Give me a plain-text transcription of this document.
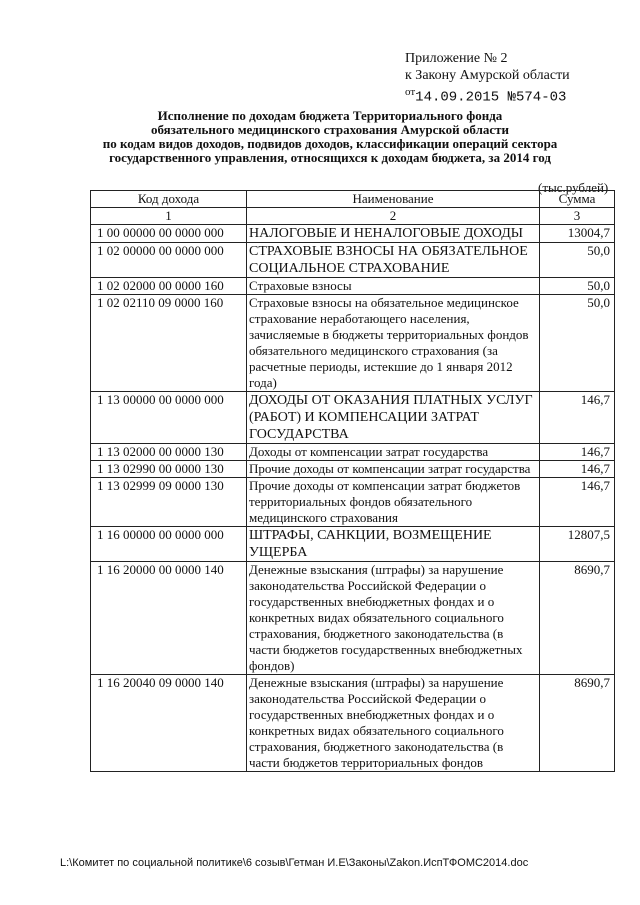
Приложение № 2
к Закону Амурской области
$^{от}$14.09.2015 №574-03
Исполнение по доходам бюджета Территориального фонда
обязательного медицинского страхования Амурской области
по кодам видов доходов, подвидов доходов, классификации операций сектора
государственного управления, относящихся к доходам бюджета, за 2014 год
(тыс.рублей)
Код дохода	Наименование	Сумма
1	2	3
1 00 00000 00 0000 000	НАЛОГОВЫЕ И НЕНАЛОГОВЫЕ ДОХОДЫ	13004,7
1 02 00000 00 0000 000	СТРАХОВЫЕ ВЗНОСЫ НА ОБЯЗАТЕЛЬНОЕ СОЦИАЛЬНОЕ СТРАХОВАНИЕ	50,0
1 02 02000 00 0000 160	Страховые взносы	50,0
1 02 02110 09 0000 160	Страховые взносы на обязательное медицинское страхование неработающего населения, зачисляемые в бюджеты территориальных фондов обязательного медицинского страхования (за расчетные периоды, истекшие до 1 января 2012 года)	50,0
1 13 00000 00 0000 000	ДОХОДЫ ОТ ОКАЗАНИЯ ПЛАТНЫХ УСЛУГ (РАБОТ) И КОМПЕНСАЦИИ ЗАТРАТ ГОСУДАРСТВА	146,7
1 13 02000 00 0000 130	Доходы от компенсации затрат государства	146,7
1 13 02990 00 0000 130	Прочие доходы от компенсации затрат государства	146,7
1 13 02999 09 0000 130	Прочие доходы от компенсации затрат бюджетов территориальных фондов обязательного медицинского страхования	146,7
1 16 00000 00 0000 000	ШТРАФЫ, САНКЦИИ, ВОЗМЕЩЕНИЕ УЩЕРБА	12807,5
1 16 20000 00 0000 140	Денежные взыскания (штрафы) за нарушение законодательства Российской Федерации о государственных внебюджетных фондах и о конкретных видах обязательного социального страхования, бюджетного законодательства (в части бюджетов государственных внебюджетных фондов)	8690,7
1 16 20040 09 0000 140	Денежные взыскания (штрафы) за нарушение законодательства Российской Федерации о государственных внебюджетных фондах и о конкретных видах обязательного социального страхования, бюджетного законодательства (в части бюджетов территориальных фондов	8690,7
L:\Комитет по социальной политике\6 созыв\Гетман И.Е\Законы\Zakon.ИспТФОМС2014.doc
